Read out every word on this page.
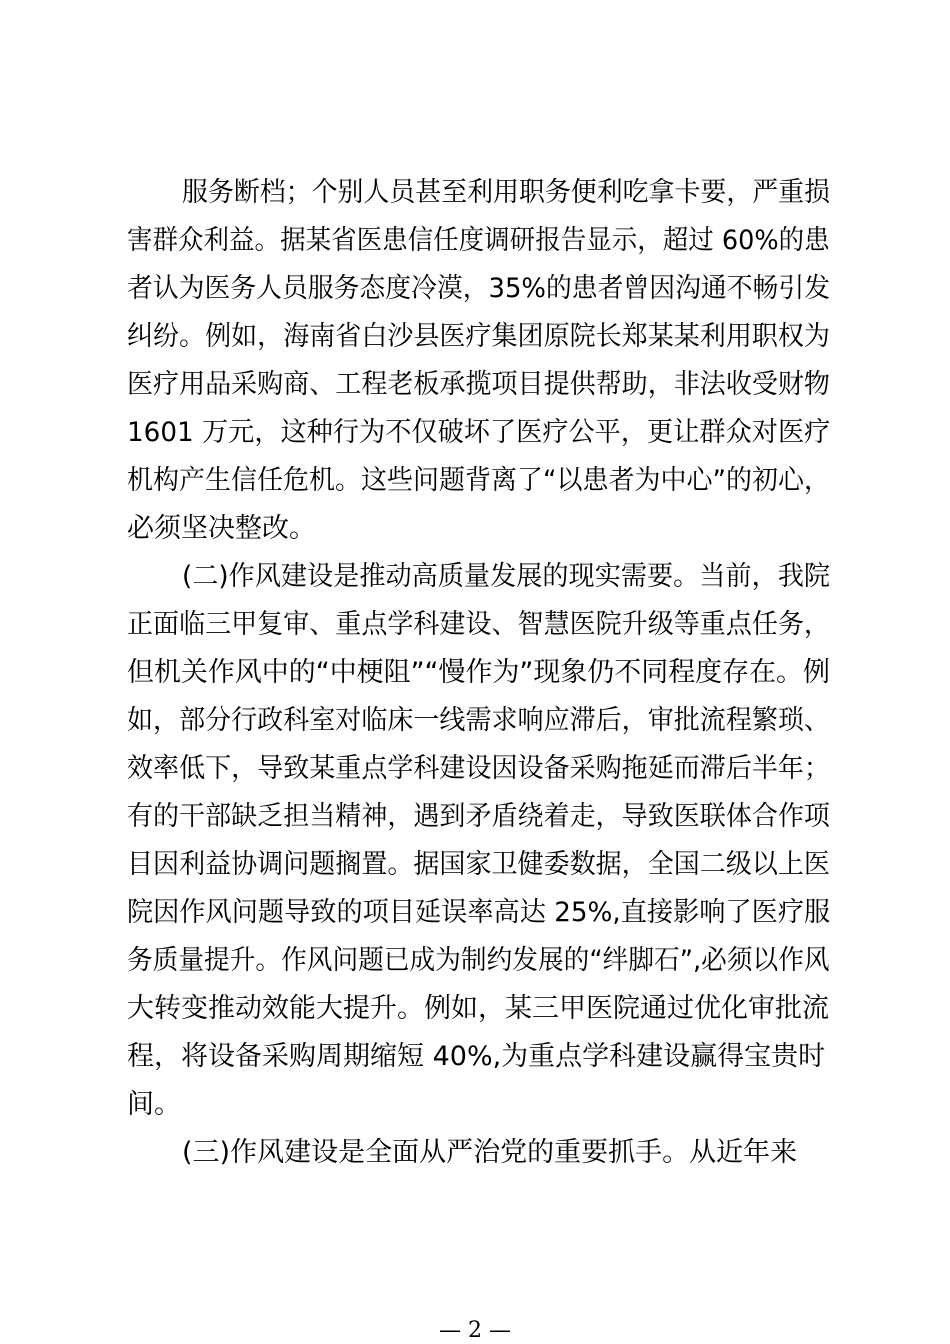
服务断档；个别人员甚至利用职务便利吃拿卡要，严重损
害群众利益。据某省医患信任度调研报告显示，超过 60%的患
者认为医务人员服务态度冷漠，35%的患者曾因沟通不畅引发
纠纷。例如，海南省白沙县医疗集团原院长郑某某利用职权为
医疗用品采购商、工程老板承揽项目提供帮助，非法收受财物
1601 万元，这种行为不仅破坏了医疗公平，更让群众对医疗
机构产生信任危机。这些问题背离了“以患者为中心”的初心，
必须坚决整改。
(二)作风建设是推动高质量发展的现实需要。当前，我院
正面临三甲复审、重点学科建设、智慧医院升级等重点任务，
但机关作风中的“中梗阻”“慢作为”现象仍不同程度存在。例
如，部分行政科室对临床一线需求响应滞后，审批流程繁琐、
效率低下，导致某重点学科建设因设备采购拖延而滞后半年；
有的干部缺乏担当精神，遇到矛盾绕着走，导致医联体合作项
目因利益协调问题搁置。据国家卫健委数据，全国二级以上医
院因作风问题导致的项目延误率高达 25%,直接影响了医疗服
务质量提升。作风问题已成为制约发展的“绊脚石”,必须以作风
大转变推动效能大提升。例如，某三甲医院通过优化审批流
程，将设备采购周期缩短 40%,为重点学科建设赢得宝贵时
间。
(三)作风建设是全面从严治党的重要抓手。从近年来
— 2 —
